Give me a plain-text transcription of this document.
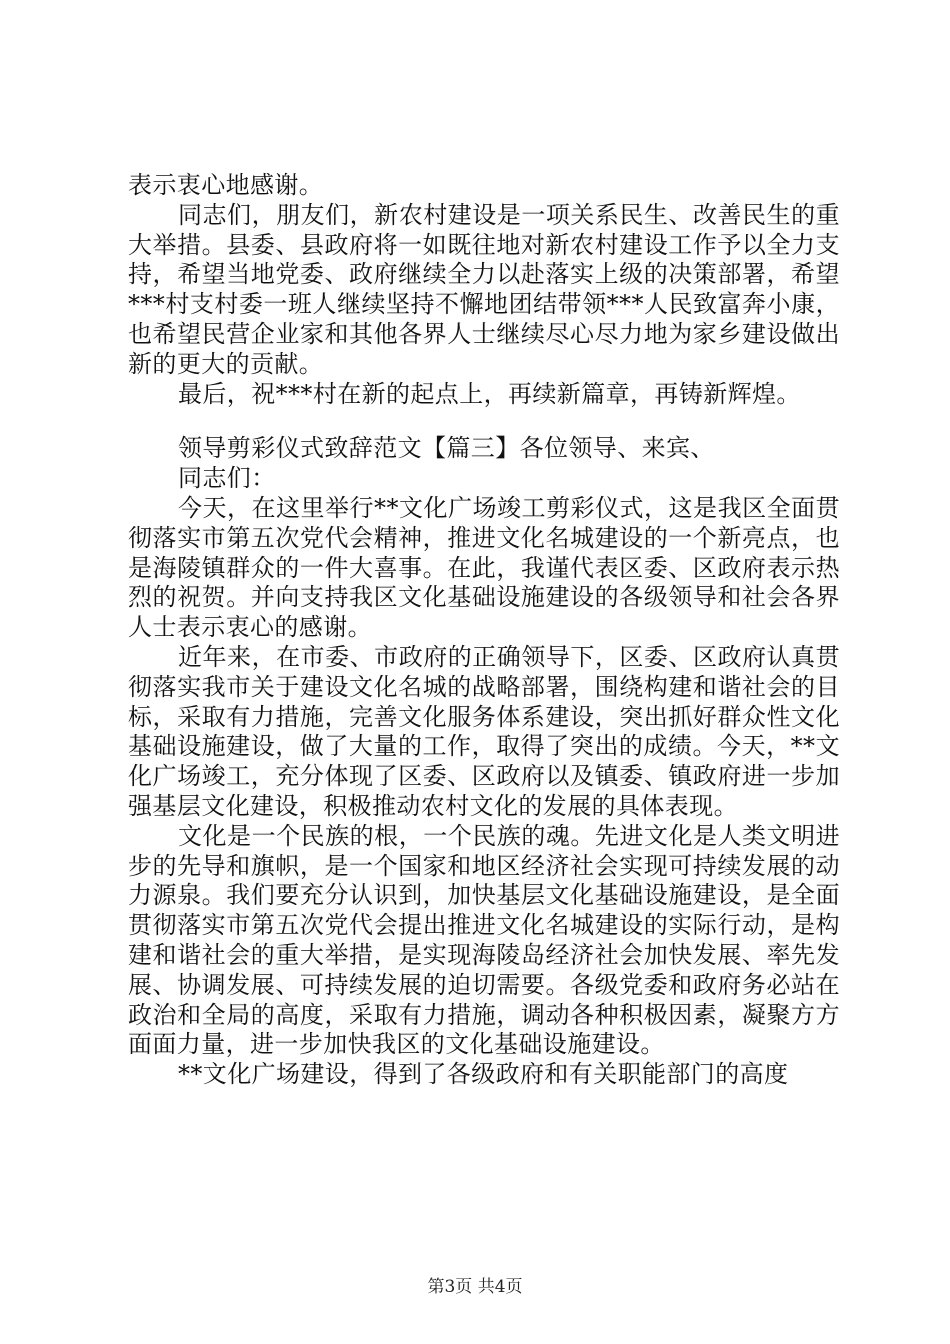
表示衷心地感谢。

同志们，朋友们，新农村建设是一项关系民生、改善民生的重大举措。县委、县政府将一如既往地对新农村建设工作予以全力支持，希望当地党委、政府继续全力以赴落实上级的决策部署，希望***村支村委一班人继续坚持不懈地团结带领***人民致富奔小康，也希望民营企业家和其他各界人士继续尽心尽力地为家乡建设做出新的更大的贡献。

最后，祝***村在新的起点上，再续新篇章，再铸新辉煌。

领导剪彩仪式致辞范文【篇三】各位领导、来宾、

同志们：

今天，在这里举行**文化广场竣工剪彩仪式，这是我区全面贯彻落实市第五次党代会精神，推进文化名城建设的一个新亮点，也是海陵镇群众的一件大喜事。在此，我谨代表区委、区政府表示热烈的祝贺。并向支持我区文化基础设施建设的各级领导和社会各界人士表示衷心的感谢。

近年来，在市委、市政府的正确领导下，区委、区政府认真贯彻落实我市关于建设文化名城的战略部署，围绕构建和谐社会的目标，采取有力措施，完善文化服务体系建设，突出抓好群众性文化基础设施建设，做了大量的工作，取得了突出的成绩。今天，**文化广场竣工，充分体现了区委、区政府以及镇委、镇政府进一步加强基层文化建设，积极推动农村文化的发展的具体表现。

文化是一个民族的根，一个民族的魂。先进文化是人类文明进步的先导和旗帜，是一个国家和地区经济社会实现可持续发展的动力源泉。我们要充分认识到，加快基层文化基础设施建设，是全面贯彻落实市第五次党代会提出推进文化名城建设的实际行动，是构建和谐社会的重大举措，是实现海陵岛经济社会加快发展、率先发展、协调发展、可持续发展的迫切需要。各级党委和政府务必站在政治和全局的高度，采取有力措施，调动各种积极因素，凝聚方方面面力量，进一步加快我区的文化基础设施建设。

**文化广场建设，得到了各级政府和有关职能部门的高度

第3页 共4页
